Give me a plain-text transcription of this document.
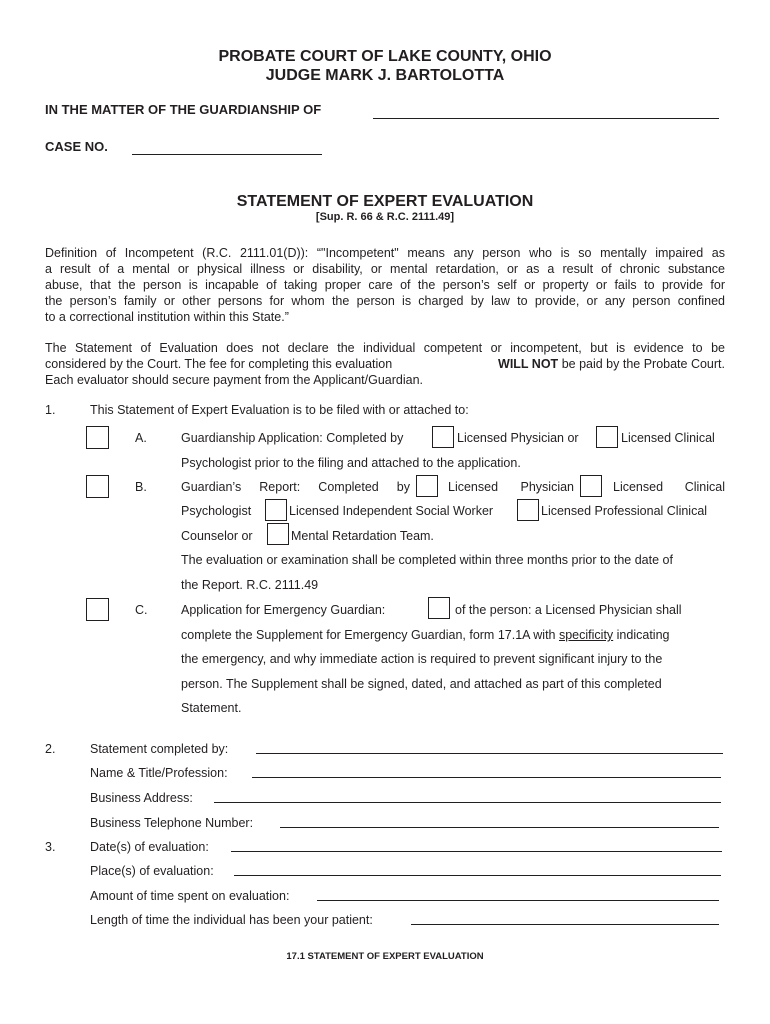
PROBATE COURT OF LAKE COUNTY, OHIO
JUDGE MARK J. BARTOLOTTA
IN THE MATTER OF THE GUARDIANSHIP OF
CASE NO.
STATEMENT OF EXPERT EVALUATION
[Sup. R. 66 & R.C. 2111.49]
Definition of Incompetent (R.C. 2111.01(D)): “"Incompetent" means any person who is so mentally impaired as
a result of a mental or physical illness or disability, or mental retardation, or as a result of chronic substance
abuse, that the person is incapable of taking proper care of the person’s self or property or fails to provide for
the person’s family or other persons for whom the person is charged by law to provide, or any person confined
to a correctional institution within this State.”
The Statement of Evaluation does not declare the individual competent or incompetent, but is evidence to be
considered by the Court. The fee for completing this evaluation	WILL NOT be paid by the Probate Court.
Each evaluator should secure payment from the Applicant/Guardian.
1.	This Statement of Expert Evaluation is to be filed with or attached to:
A.	Guardianship Application: Completed by	Licensed Physician or	Licensed Clinical
Psychologist prior to the filing and attached to the application.
B.	Guardian’s Report: Completed by	Licensed Physician	Licensed Clinical
Psychologist	Licensed Independent Social Worker	Licensed Professional Clinical
Counselor or	Mental Retardation Team.
The evaluation or examination shall be completed within three months prior to the date of
the Report. R.C. 2111.49
C.	Application for Emergency Guardian:	of the person: a Licensed Physician shall
complete the Supplement for Emergency Guardian, form 17.1A with specificity indicating
the emergency, and why immediate action is required to prevent significant injury to the
person. The Supplement shall be signed, dated, and attached as part of this completed
Statement.
2.	Statement completed by:
Name & Title/Profession:
Business Address:
Business Telephone Number:
3.	Date(s) of evaluation:
Place(s) of evaluation:
Amount of time spent on evaluation:
Length of time the individual has been your patient:
17.1 STATEMENT OF EXPERT EVALUATION
